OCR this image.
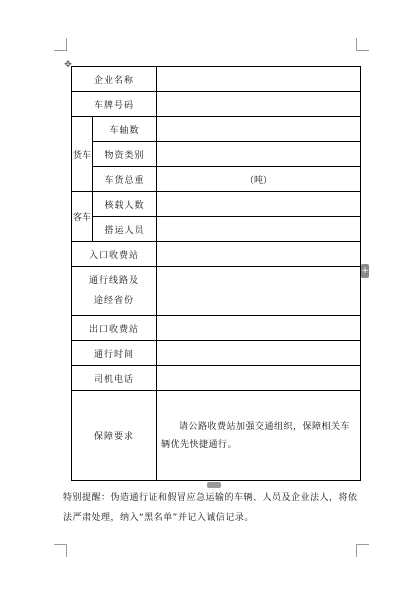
✥
+
企业名称		
车牌号码		
货车	车轴数	
	物资类别	
	车货总重	（吨）
客车	核载人数	
	搭运人员	
入口收费站		

通行线路及
途经省份		

出口收费站		
通行时间		
司机电话		
保障要求		请公路收费站加强交通组织，保障相关车辆优先快捷通行。
特别提醒：伪造通行证和假冒应急运输的车辆、人员及企业法人，将依法严肃处理，纳入“黑名单”并记入诚信记录。
